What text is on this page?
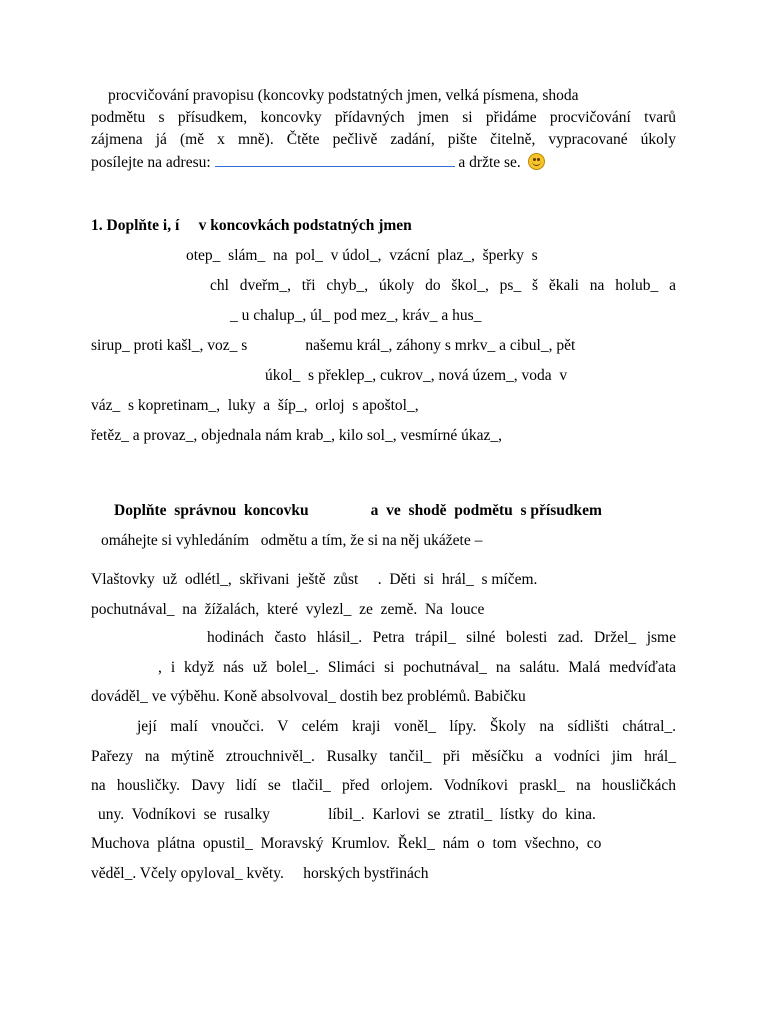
procvičování pravopisu (koncovky podstatných jmen, velká písmena, shoda
podmětu s přísudkem, koncovky přídavných jmen si přidáme procvičování tvarů
zájmena já (mě x mně). Čtěte pečlivě zadání, pište čitelně, vypracované úkoly
posílejte na adresu:	a držte se.
1. Doplňte i, í     v koncovkách podstatných jmen
otep_  slám_  na  pol_  v údol_,  vzácní  plaz_,  šperky  s
chl dveřm_, tři chyb_, úkoly do škol_, ps_ š ěkali na holub_ a
_ u chalup_, úl_ pod mez_, kráv_ a hus_
sirup_ proti kašl_, voz_ s               našemu král_, záhony s mrkv_ a cibul_, pět
úkol_  s překlep_, cukrov_, nová územ_, voda  v
váz_  s kopretinam_,  luky  a  šíp_,  orloj  s apoštol_,
řetěz_ a provaz_, objednala nám krab_, kilo sol_, vesmírné úkaz_,
Doplňte  správnou  koncovku                a  ve  shodě  podmětu  s přísudkem
omáhejte si vyhledáním   odmětu a tím, že si na něj ukážete –
Vlaštovky  už  odlétl_,  skřivani  ještě  zůst     .  Děti  si  hrál_  s míčem.
pochutnával_  na  žížalách,  které  vylezl_  ze  země.  Na  louce
hodinách často hlásil_. Petra trápil_ silné bolesti zad. Držel_ jsme
, i když nás už bolel_. Slimáci si pochutnával_ na salátu. Malá medvíďata
dováděl_ ve výběhu. Koně absolvoval_ dostih bez problémů. Babičku
její malí vnoučci. V celém kraji voněl_ lípy. Školy na sídlišti chátral_.
Pařezy na mýtině ztrouchnivěl_. Rusalky tančil_ při měsíčku a vodníci jim hrál_
na housličky. Davy lidí se tlačil_ před orlojem. Vodníkovi praskl_ na housličkách
uny.  Vodníkovi  se  rusalky               líbil_.  Karlovi  se  ztratil_  lístky  do  kina.
Muchova  plátna  opustil_  Moravský  Krumlov.  Řekl_  nám  o  tom  všechno,  co
věděl_. Včely opyloval_ květy.     horských bystřinách
